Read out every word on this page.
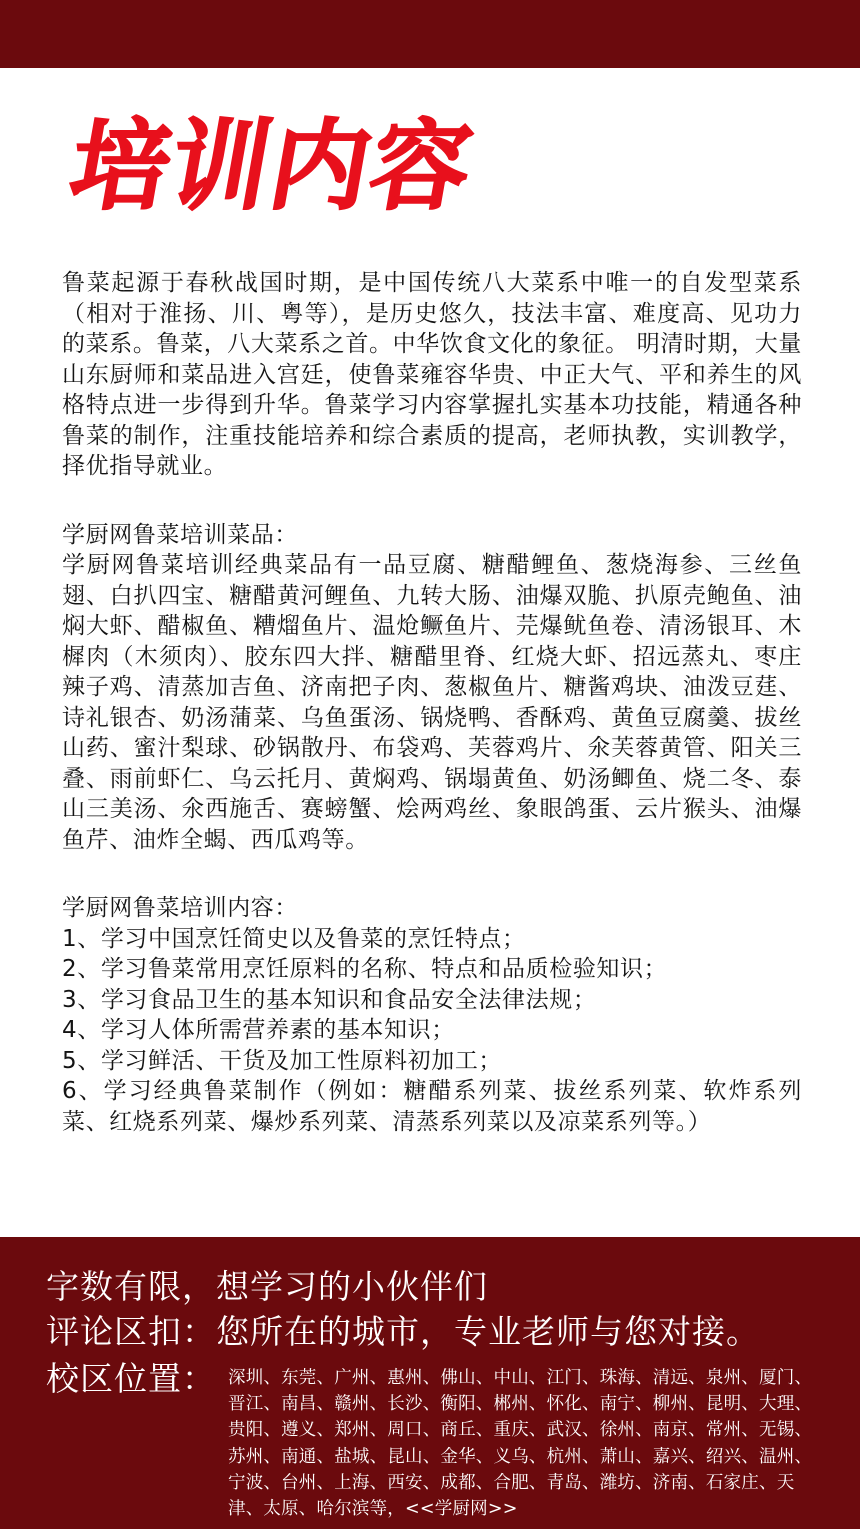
培训内容

鲁菜起源于春秋战国时期，是中国传统八大菜系中唯一的自发型菜系（相对于淮扬、川、粤等），是历史悠久，技法丰富、难度高、见功力的菜系。鲁菜，八大菜系之首。中华饮食文化的象征。 明清时期，大量山东厨师和菜品进入宫廷，使鲁菜雍容华贵、中正大气、平和养生的风格特点进一步得到升华。鲁菜学习内容掌握扎实基本功技能，精通各种鲁菜的制作，注重技能培养和综合素质的提高，老师执教，实训教学，择优指导就业。

学厨网鲁菜培训菜品：

学厨网鲁菜培训经典菜品有一品豆腐、糖醋鲤鱼、葱烧海参、三丝鱼翅、白扒四宝、糖醋黄河鲤鱼、九转大肠、油爆双脆、扒原壳鲍鱼、油焖大虾、醋椒鱼、糟熘鱼片、温炝鳜鱼片、芫爆鱿鱼卷、清汤银耳、木樨肉（木须肉）、胶东四大拌、糖醋里脊、红烧大虾、招远蒸丸、枣庄辣子鸡、清蒸加吉鱼、济南把子肉、葱椒鱼片、糖酱鸡块、油泼豆莛、诗礼银杏、奶汤蒲菜、乌鱼蛋汤、锅烧鸭、香酥鸡、黄鱼豆腐羹、拔丝山药、蜜汁梨球、砂锅散丹、布袋鸡、芙蓉鸡片、氽芙蓉黄管、阳关三叠、雨前虾仁、乌云托月、黄焖鸡、锅塌黄鱼、奶汤鲫鱼、烧二冬、泰山三美汤、氽西施舌、赛螃蟹、烩两鸡丝、象眼鸽蛋、云片猴头、油爆鱼芹、油炸全蝎、西瓜鸡等。

学厨网鲁菜培训内容：

1、学习中国烹饪简史以及鲁菜的烹饪特点；

2、学习鲁菜常用烹饪原料的名称、特点和品质检验知识；

3、学习食品卫生的基本知识和食品安全法律法规；

4、学习人体所需营养素的基本知识；

5、学习鲜活、干货及加工性原料初加工；

6、学习经典鲁菜制作（例如：糖醋系列菜、拔丝系列菜、软炸系列菜、红烧系列菜、爆炒系列菜、清蒸系列菜以及凉菜系列等。）

字数有限，想学习的小伙伴们
评论区扣：您所在的城市，专业老师与您对接。
校区位置： 深圳、东莞、广州、惠州、佛山、中山、江门、珠海、清远、泉州、厦门、晋江、南昌、赣州、长沙、衡阳、郴州、怀化、南宁、柳州、昆明、大理、贵阳、遵义、郑州、周口、商丘、重庆、武汉、徐州、南京、常州、无锡、苏州、南通、盐城、昆山、金华、义乌、杭州、萧山、嘉兴、绍兴、温州、宁波、台州、上海、西安、成都、合肥、青岛、潍坊、济南、石家庄、天津、太原、哈尔滨等，<<学厨网>>
